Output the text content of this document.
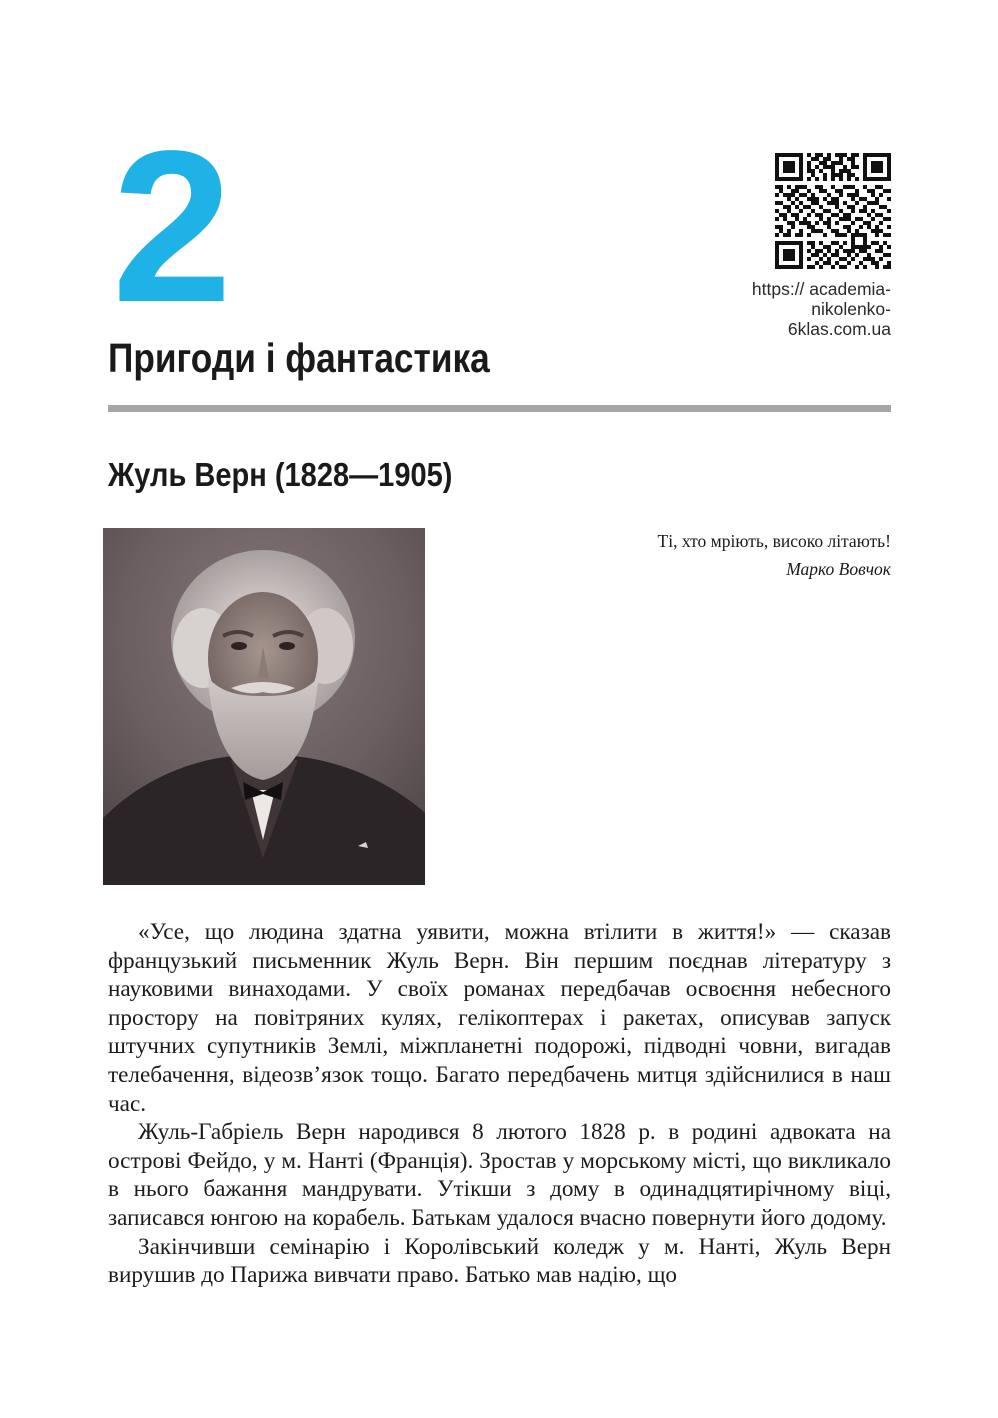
2	https:// academia-
nikolenko-
6klas.com.ua
Пригоди і фантастика
Жуль Верн (1828—1905)
Ті, хто мріють, високо літають!
Марко Вовчок

«Усе, що людина здатна уявити, можна втілити в життя!» — сказав французький письменник Жуль Верн. Він першим поєднав літературу з науковими винаходами. У своїх романах передбачав освоєння небесного простору на повітряних кулях, гелікоптерах і ракетах, описував запуск штучних супутників Землі, міжпланетні подорожі, підводні човни, вигадав телебачення, відеозв’язок тощо. Багато передбачень митця здійснилися в наш час.

Жуль-Габріель Верн народився 8 лютого 1828 р. в родині адвоката на острові Фейдо, у м. Нанті (Франція). Зростав у морському місті, що викликало в нього бажання мандрувати. Утікши з дому в одинадцятирічному віці, записався юнгою на корабель. Батькам удалося вчасно повернути його додому.

Закінчивши семінарію і Королівський коледж у м. Нанті, Жуль Верн вирушив до Парижа вивчати право. Батько мав надію, що
